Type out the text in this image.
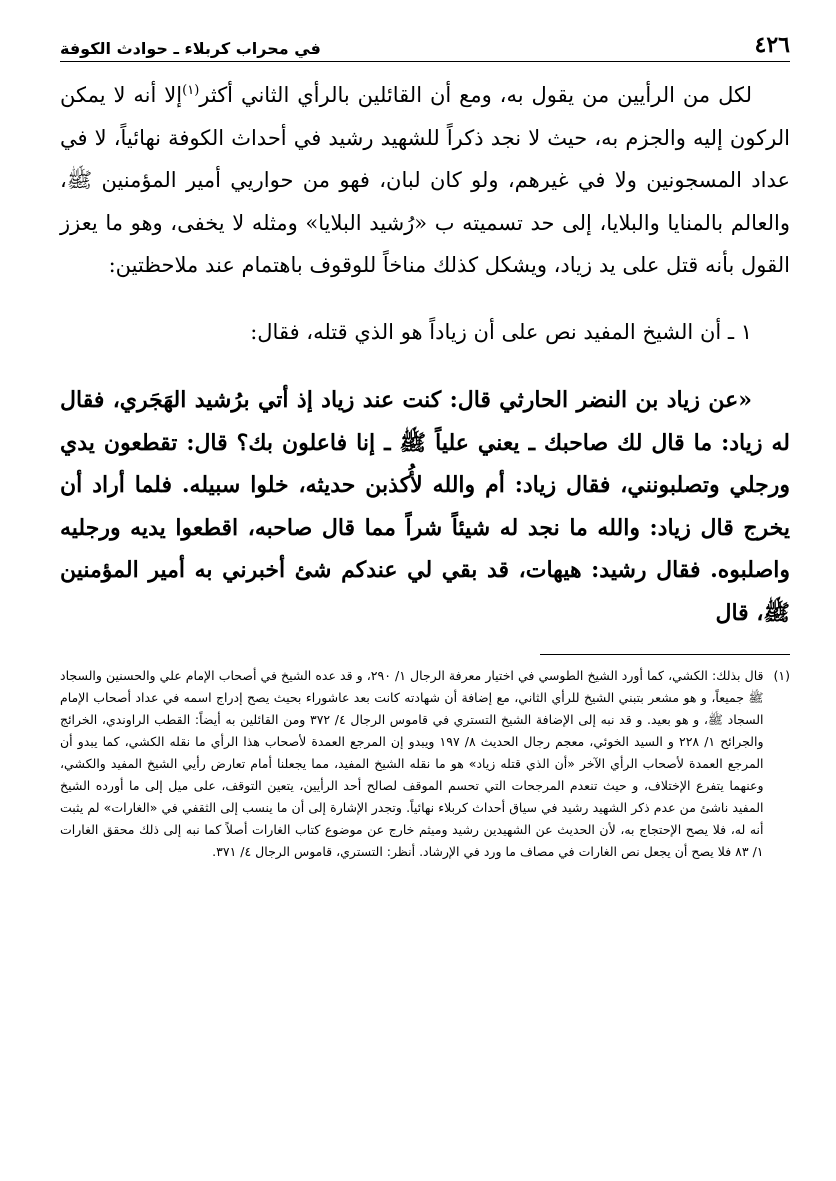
٤٢٦
في محراب كربلاء ـ حوادث الكوفة

لكل من الرأيين من يقول به، ومع أن القائلين بالرأي الثاني أكثر$^{(١)}$إلا أنه لا يمكن الركون إليه والجزم به، حيث لا نجد ذكراً للشهيد رشيد في أحداث الكوفة نهائياً، لا في عداد المسجونين ولا في غيرهم، ولو كان لبان، فهو من حواريي أمير المؤمنين ﷺ، والعالم بالمنايا والبلايا، إلى حد تسميته ب «رُشيد البلايا» ومثله لا يخفى، وهو ما يعزز القول بأنه قتل على يد زياد، ويشكل كذلك مناخاً للوقوف باهتمام عند ملاحظتين:

١ ـ أن الشيخ المفيد نص على أن زياداً هو الذي قتله، فقال:

«عن زياد بن النضر الحارثي قال: كنت عند زياد إذ أتي برُشيد الهَجَري، فقال له زياد: ما قال لك صاحبك ـ يعني علياً ﷺ ـ إنا فاعلون بك؟ قال: تقطعون يدي ورجلي وتصلبونني، فقال زياد: أم والله لأُكذبن حديثه، خلوا سبيله. فلما أراد أن يخرج قال زياد: والله ما نجد له شيئاً شراً مما قال صاحبه، اقطعوا يديه ورجليه واصلبوه. فقال رشيد: هيهات، قد بقي لي عندكم شئ أخبرني به أمير المؤمنين ﷺ، قال

(١)
قال بذلك: الكشي، كما أورد الشيخ الطوسي في اختيار معرفة الرجال ١/ ٢٩٠، و قد عده الشيخ في أصحاب الإمام علي والحسنين والسجاد ﷺ جميعاً، و هو مشعر بتبني الشيخ للرأي الثاني، مع إضافة أن شهادته كانت بعد عاشوراء بحيث يصح إدراج اسمه في عداد أصحاب الإمام السجاد ﷺ، و هو بعيد. و قد نبه إلى الإضافة الشيخ التستري في قاموس الرجال ٤/ ٣٧٢ ومن القائلين به أيضاً: القطب الراوندي، الخرائج والجرائح ١/ ٢٢٨ و السيد الخوئي، معجم رجال الحديث ٨/ ١٩٧ ويبدو إن المرجع العمدة لأصحاب هذا الرأي ما نقله الكشي، كما يبدو أن المرجع العمدة لأصحاب الرأي الآخر «أن الذي قتله زياد» هو ما نقله الشيخ المفيد، مما يجعلنا أمام تعارض رأيي الشيخ المفيد والكشي، وعنهما يتفرع الإختلاف، و حيث تنعدم المرجحات التي تحسم الموقف لصالح أحد الرأيين، يتعين التوقف، على ميل إلى ما أورده الشيخ المفيد ناشئ من عدم ذكر الشهيد رشيد في سياق أحداث كربلاء نهائياً. وتجدر الإشارة إلى أن ما ينسب إلى الثقفي في «الغارات» لم يثبت أنه له، فلا يصح الإحتجاج به، لأن الحديث عن الشهيدين رشيد وميثم خارج عن موضوع كتاب الغارات أصلاً كما نبه إلى ذلك محقق الغارات ١/ ٨٣ فلا يصح أن يجعل نص الغارات في مصاف ما ورد في الإرشاد. أنظر: التستري، قاموس الرجال ٤/ ٣٧١.
